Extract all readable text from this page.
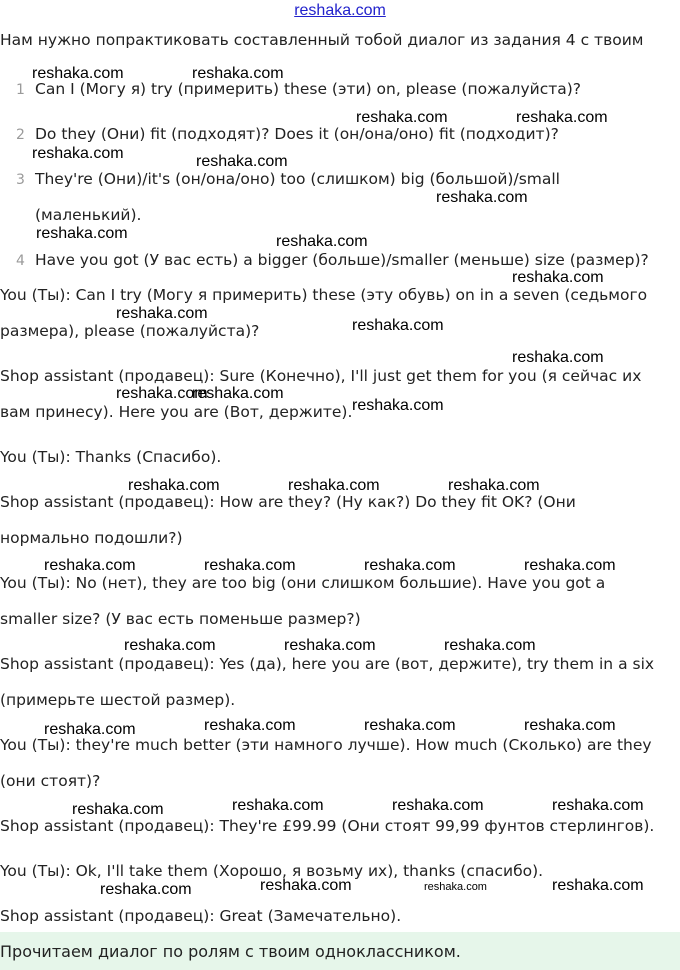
reshaka.com
Нам нужно попрактиковать составленный тобой диалог из задания 4 с твоим
1 Can I (Могу я) try (примерить) these (эти) on, please (пожалуйста)?
2 Do they (Они) fit (подходят)? Does it (он/она/оно) fit (подходит)?
3 They're (Они)/it's (он/она/оно) too (слишком) big (большой)/small
(маленький).
4 Have you got (У вас есть) a bigger (больше)/smaller (меньше) size (размер)?
You (Ты): Can I try (Могу я примерить) these (эту обувь) on in a seven (седьмого
размера), please (пожалуйста)?
Shop assistant (продавец): Sure (Конечно), I'll just get them for you (я сейчас их
вам принесу). Here you are (Вот, держите).
You (Ты): Thanks (Спасибо).
Shop assistant (продавец): How are they? (Ну как?) Do they fit OK? (Они
нормально подошли?)
You (Ты): No (нет), they are too big (они слишком большие). Have you got a
smaller size? (У вас есть поменьше размер?)
Shop assistant (продавец): Yes (да), here you are (вот, держите), try them in a six
(примерьте шестой размер).
You (Ты): they're much better (эти намного лучше). How much (Сколько) are they
(они стоят)?
Shop assistant (продавец): They're £99.99 (Они стоят 99,99 фунтов стерлингов).
You (Ты): Ok, I'll take them (Хорошо, я возьму их), thanks (спасибо).
Shop assistant (продавец): Great (Замечательно).
Прочитаем диалог по ролям с твоим одноклассником.
reshaka.com	reshaka.com
reshaka.com	reshaka.com
reshaka.com	reshaka.com
reshaka.com
reshaka.com	reshaka.com
reshaka.com
reshaka.com
reshaka.com
reshaka.com
reshaka.com
reshaka.com
reshaka.com
reshaka.com	reshaka.com	reshaka.com
reshaka.com	reshaka.com	reshaka.com	reshaka.com
reshaka.com	reshaka.com	reshaka.com
reshaka.com	reshaka.com	reshaka.com	reshaka.com
reshaka.com	reshaka.com	reshaka.com	reshaka.com
reshaka.com	reshaka.com	reshaka.com	reshaka.com
